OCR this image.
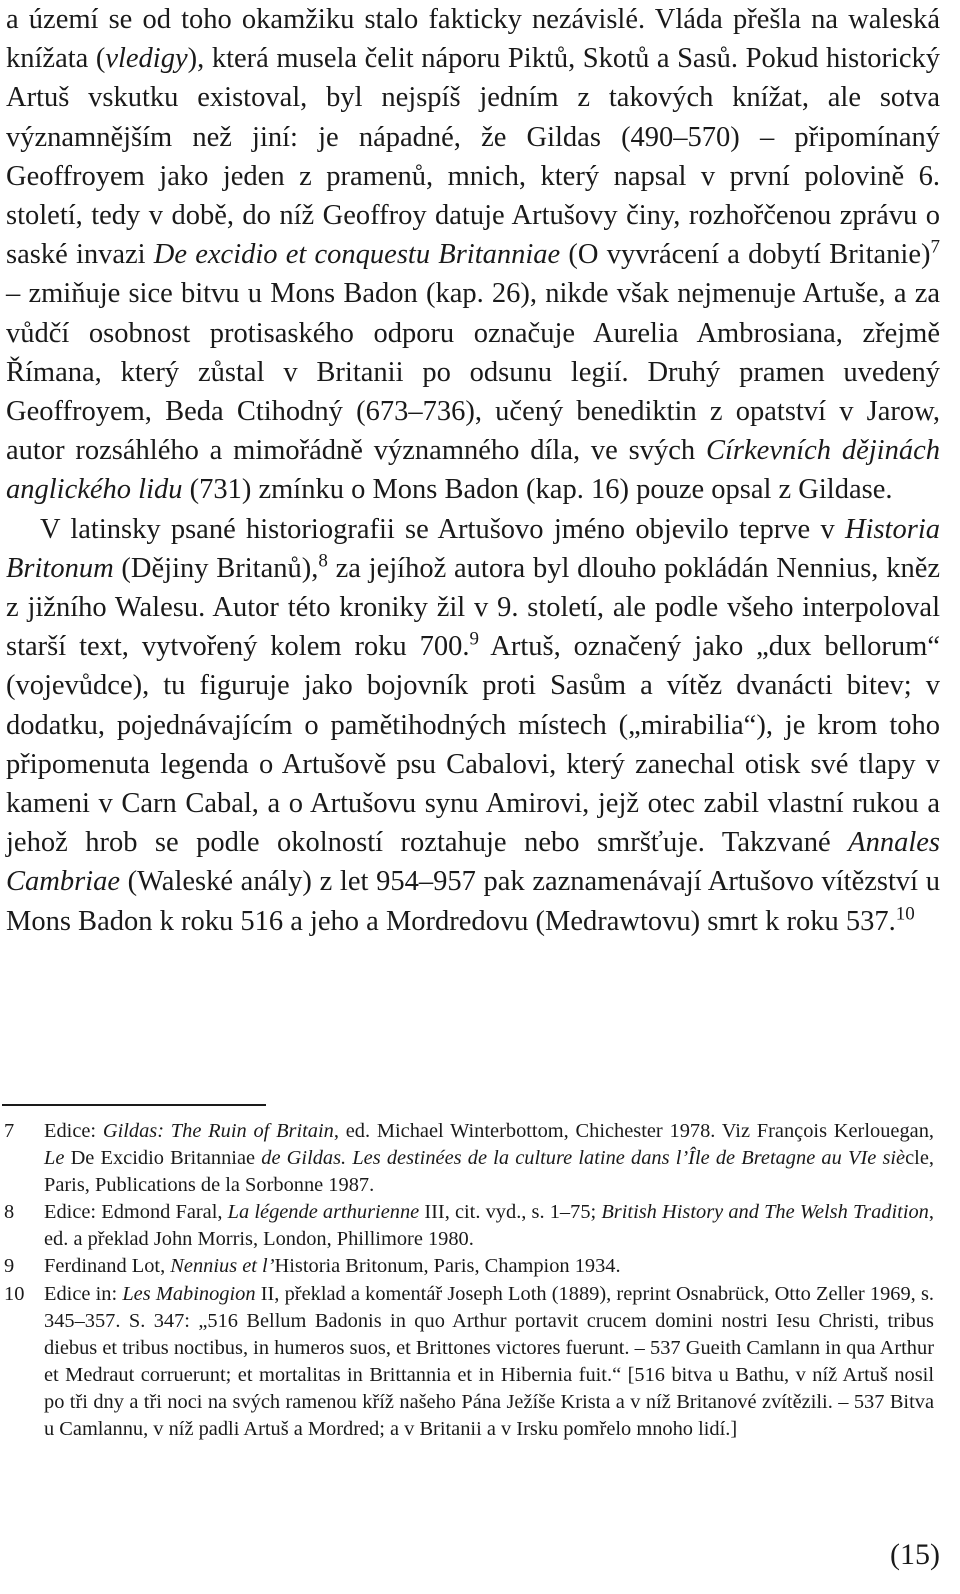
a území se od toho okamžiku stalo fakticky nezávislé. Vláda přešla na waleská knížata (vledigy), která musela čelit náporu Piktů, Skotů a Sasů. Pokud historický Artuš vskutku existoval, byl nejspíš jedním z takových knížat, ale sotva významnějším než jiní: je nápadné, že Gildas (490–570) – připomínaný Geoffroyem jako jeden z pramenů, mnich, který napsal v první polovině 6. století, tedy v době, do níž Geoffroy datuje Artušovy činy, rozhořčenou zprávu o saské invazi De excidio et conquestu Britanniae (O vyvrácení a dobytí Britanie)$^7$ – zmiňuje sice bitvu u Mons Badon (kap. 26), nikde však nejmenuje Artuše, a za vůdčí osobnost protisaského odporu označuje Aurelia Ambrosiana, zřejmě Římana, který zůstal v Britanii po odsunu legií. Druhý pramen uvedený Geoffroyem, Beda Ctihodný (673–736), učený benediktin z opatství v Jarow, autor rozsáhlého a mimořádně významného díla, ve svých Církevních dějinách anglického lidu (731) zmínku o Mons Badon (kap. 16) pouze opsal z Gildase.

V latinsky psané historiografii se Artušovo jméno objevilo teprve v Historia Britonum (Dějiny Britanů),$^8$ za jejíhož autora byl dlouho pokládán Nennius, kněz z jižního Walesu. Autor této kroniky žil v 9. století, ale podle všeho interpoloval starší text, vytvořený kolem roku 700.$^9$ Artuš, označený jako „dux bellorum“ (vojevůdce), tu figuruje jako bojovník proti Sasům a vítěz dvanácti bitev; v dodatku, pojednávajícím o pamětihodných místech („mirabilia“), je krom toho připomenuta legenda o Artušově psu Cabalovi, který zanechal otisk své tlapy v kameni v Carn Cabal, a o Artušovu synu Amirovi, jejž otec zabil vlastní rukou a jehož hrob se podle okolností roztahuje nebo smršťuje. Takzvané Annales Cambriae (Waleské anály) z let 954–957 pak zaznamenávají Artušovo vítězství u Mons Badon k roku 516 a jeho a Mordredovu (Medrawtovu) smrt k roku 537.10

7	Edice: Gildas: The Ruin of Britain, ed. Michael Winterbottom, Chichester 1978. Viz François Kerlouegan, Le De Excidio Britanniae de Gildas. Les destinées de la culture latine dans l’Île de Bretagne au VIe siècle, Paris, Publications de la Sorbonne 1987.
8	Edice: Edmond Faral, La légende arthurienne III, cit. vyd., s. 1–75; British History and The Welsh Tradition, ed. a překlad John Morris, London, Phillimore 1980.
9	Ferdinand Lot, Nennius et l’Historia Britonum, Paris, Champion 1934.
10 Edice in: Les Mabinogion II, překlad a komentář Joseph Loth (1889), reprint Osnabrück, Otto Zeller 1969, s. 345–357. S. 347: „516 Bellum Badonis in quo Arthur portavit crucem domini nostri Iesu Christi, tribus diebus et tribus noctibus, in humeros suos, et Brittones victores fuerunt. – 537 Gueith Camlann in qua Arthur et Medraut corruerunt; et mortalitas in Brittannia et in Hibernia fuit.“ [516 bitva u Bathu, v níž Artuš nosil po tři dny a tři noci na svých ramenou kříž našeho Pána Ježíše Krista a v níž Britanové zvítězili. – 537 Bitva u Camlannu, v níž padli Artuš a Mordred; a v Britanii a v Irsku pomřelo mnoho lidí.]
(15)
